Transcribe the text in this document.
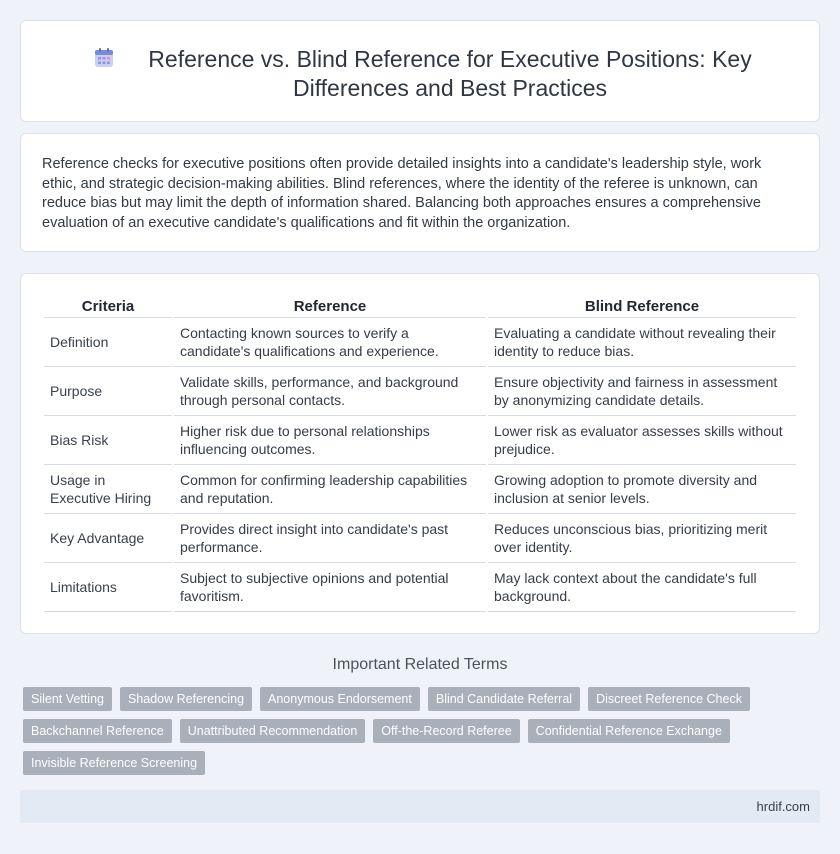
Reference vs. Blind Reference for Executive Positions: Key Differences and Best Practices

Reference checks for executive positions often provide detailed insights into a candidate's leadership style, work ethic, and strategic decision-making abilities. Blind references, where the identity of the referee is unknown, can reduce bias but may limit the depth of information shared. Balancing both approaches ensures a comprehensive evaluation of an executive candidate's qualifications and fit within the organization.

Criteria	Reference	Blind Reference
Definition	Contacting known sources to verify a candidate's qualifications and experience.	Evaluating a candidate without revealing their identity to reduce bias.
Purpose	Validate skills, performance, and background through personal contacts.	Ensure objectivity and fairness in assessment by anonymizing candidate details.
Bias Risk	Higher risk due to personal relationships influencing outcomes.	Lower risk as evaluator assesses skills without prejudice.
Usage in Executive Hiring	Common for confirming leadership capabilities and reputation.	Growing adoption to promote diversity and inclusion at senior levels.
Key Advantage	Provides direct insight into candidate's past performance.	Reduces unconscious bias, prioritizing merit over identity.
Limitations	Subject to subjective opinions and potential favoritism.	May lack context about the candidate's full background.
Important Related Terms
Silent Vetting	Shadow Referencing	Anonymous Endorsement	Blind Candidate Referral	Discreet Reference Check
Backchannel Reference	Unattributed Recommendation	Off-the-Record Referee	Confidential Reference Exchange
Invisible Reference Screening
hrdif.com
